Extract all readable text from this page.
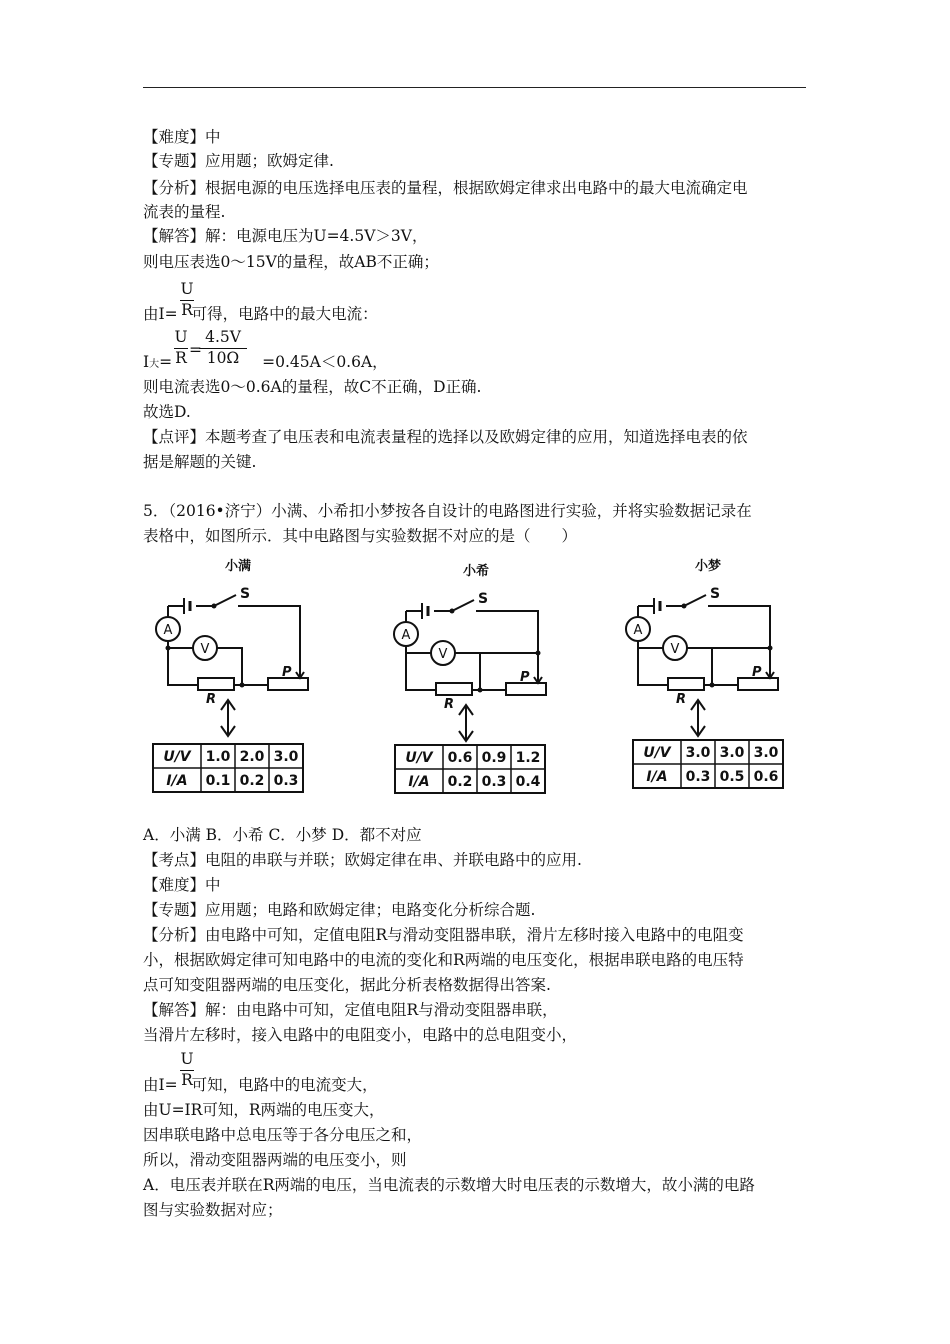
【难度】中
【专题】应用题；欧姆定律.
【分析】根据电源的电压选择电压表的量程，根据欧姆定律求出电路中的最大电流确定电
流表的量程.
【解答】解：电源电压为U=4.5V＞3V，
则电压表选0～15V的量程，故AB不正确；
由I= 可得，电路中的最大电流：
U
R
I大=	=0.45A＜0.6A，
U
R =
4.5V
10Ω
则电流表选0～0.6A的量程，故C不正确，D正确.
故选D.
【点评】本题考查了电压表和电流表量程的选择以及欧姆定律的应用，知道选择电表的依
据是解题的关键.
5．（2016•济宁）小满、小希扣小梦按各自设计的电路图进行实验，并将实验数据记录在
表格中，如图所示．其中电路图与实验数据不对应的是（　　）
小满
S
A
R
P
V
U/V 1.0 2.0 3.0
I/A 0.1 0.2 0.3
小希
S
A
R
P
V
U/V 0.6 0.9 1.2
I/A 0.2 0.3 0.4
小梦
S
A
R
P
V
U/V 3.0 3.0 3.0
I/A 0.3 0.5 0.6
A．小满 B．小希 C．小梦 D．都不对应
【考点】电阻的串联与并联；欧姆定律在串、并联电路中的应用.
【难度】中
【专题】应用题；电路和欧姆定律；电路变化分析综合题.
【分析】由电路中可知，定值电阻R与滑动变阻器串联，滑片左移时接入电路中的电阻变
小，根据欧姆定律可知电路中的电流的变化和R两端的电压变化，根据串联电路的电压特
点可知变阻器两端的电压变化，据此分析表格数据得出答案.
【解答】解：由电路中可知，定值电阻R与滑动变阻器串联，
当滑片左移时，接入电路中的电阻变小，电路中的总电阻变小，
由I= 可知，电路中的电流变大，
U
R
由U=IR可知，R两端的电压变大，
因串联电路中总电压等于各分电压之和，
所以，滑动变阻器两端的电压变小，则
A．电压表并联在R两端的电压，当电流表的示数增大时电压表的示数增大，故小满的电路
图与实验数据对应；
